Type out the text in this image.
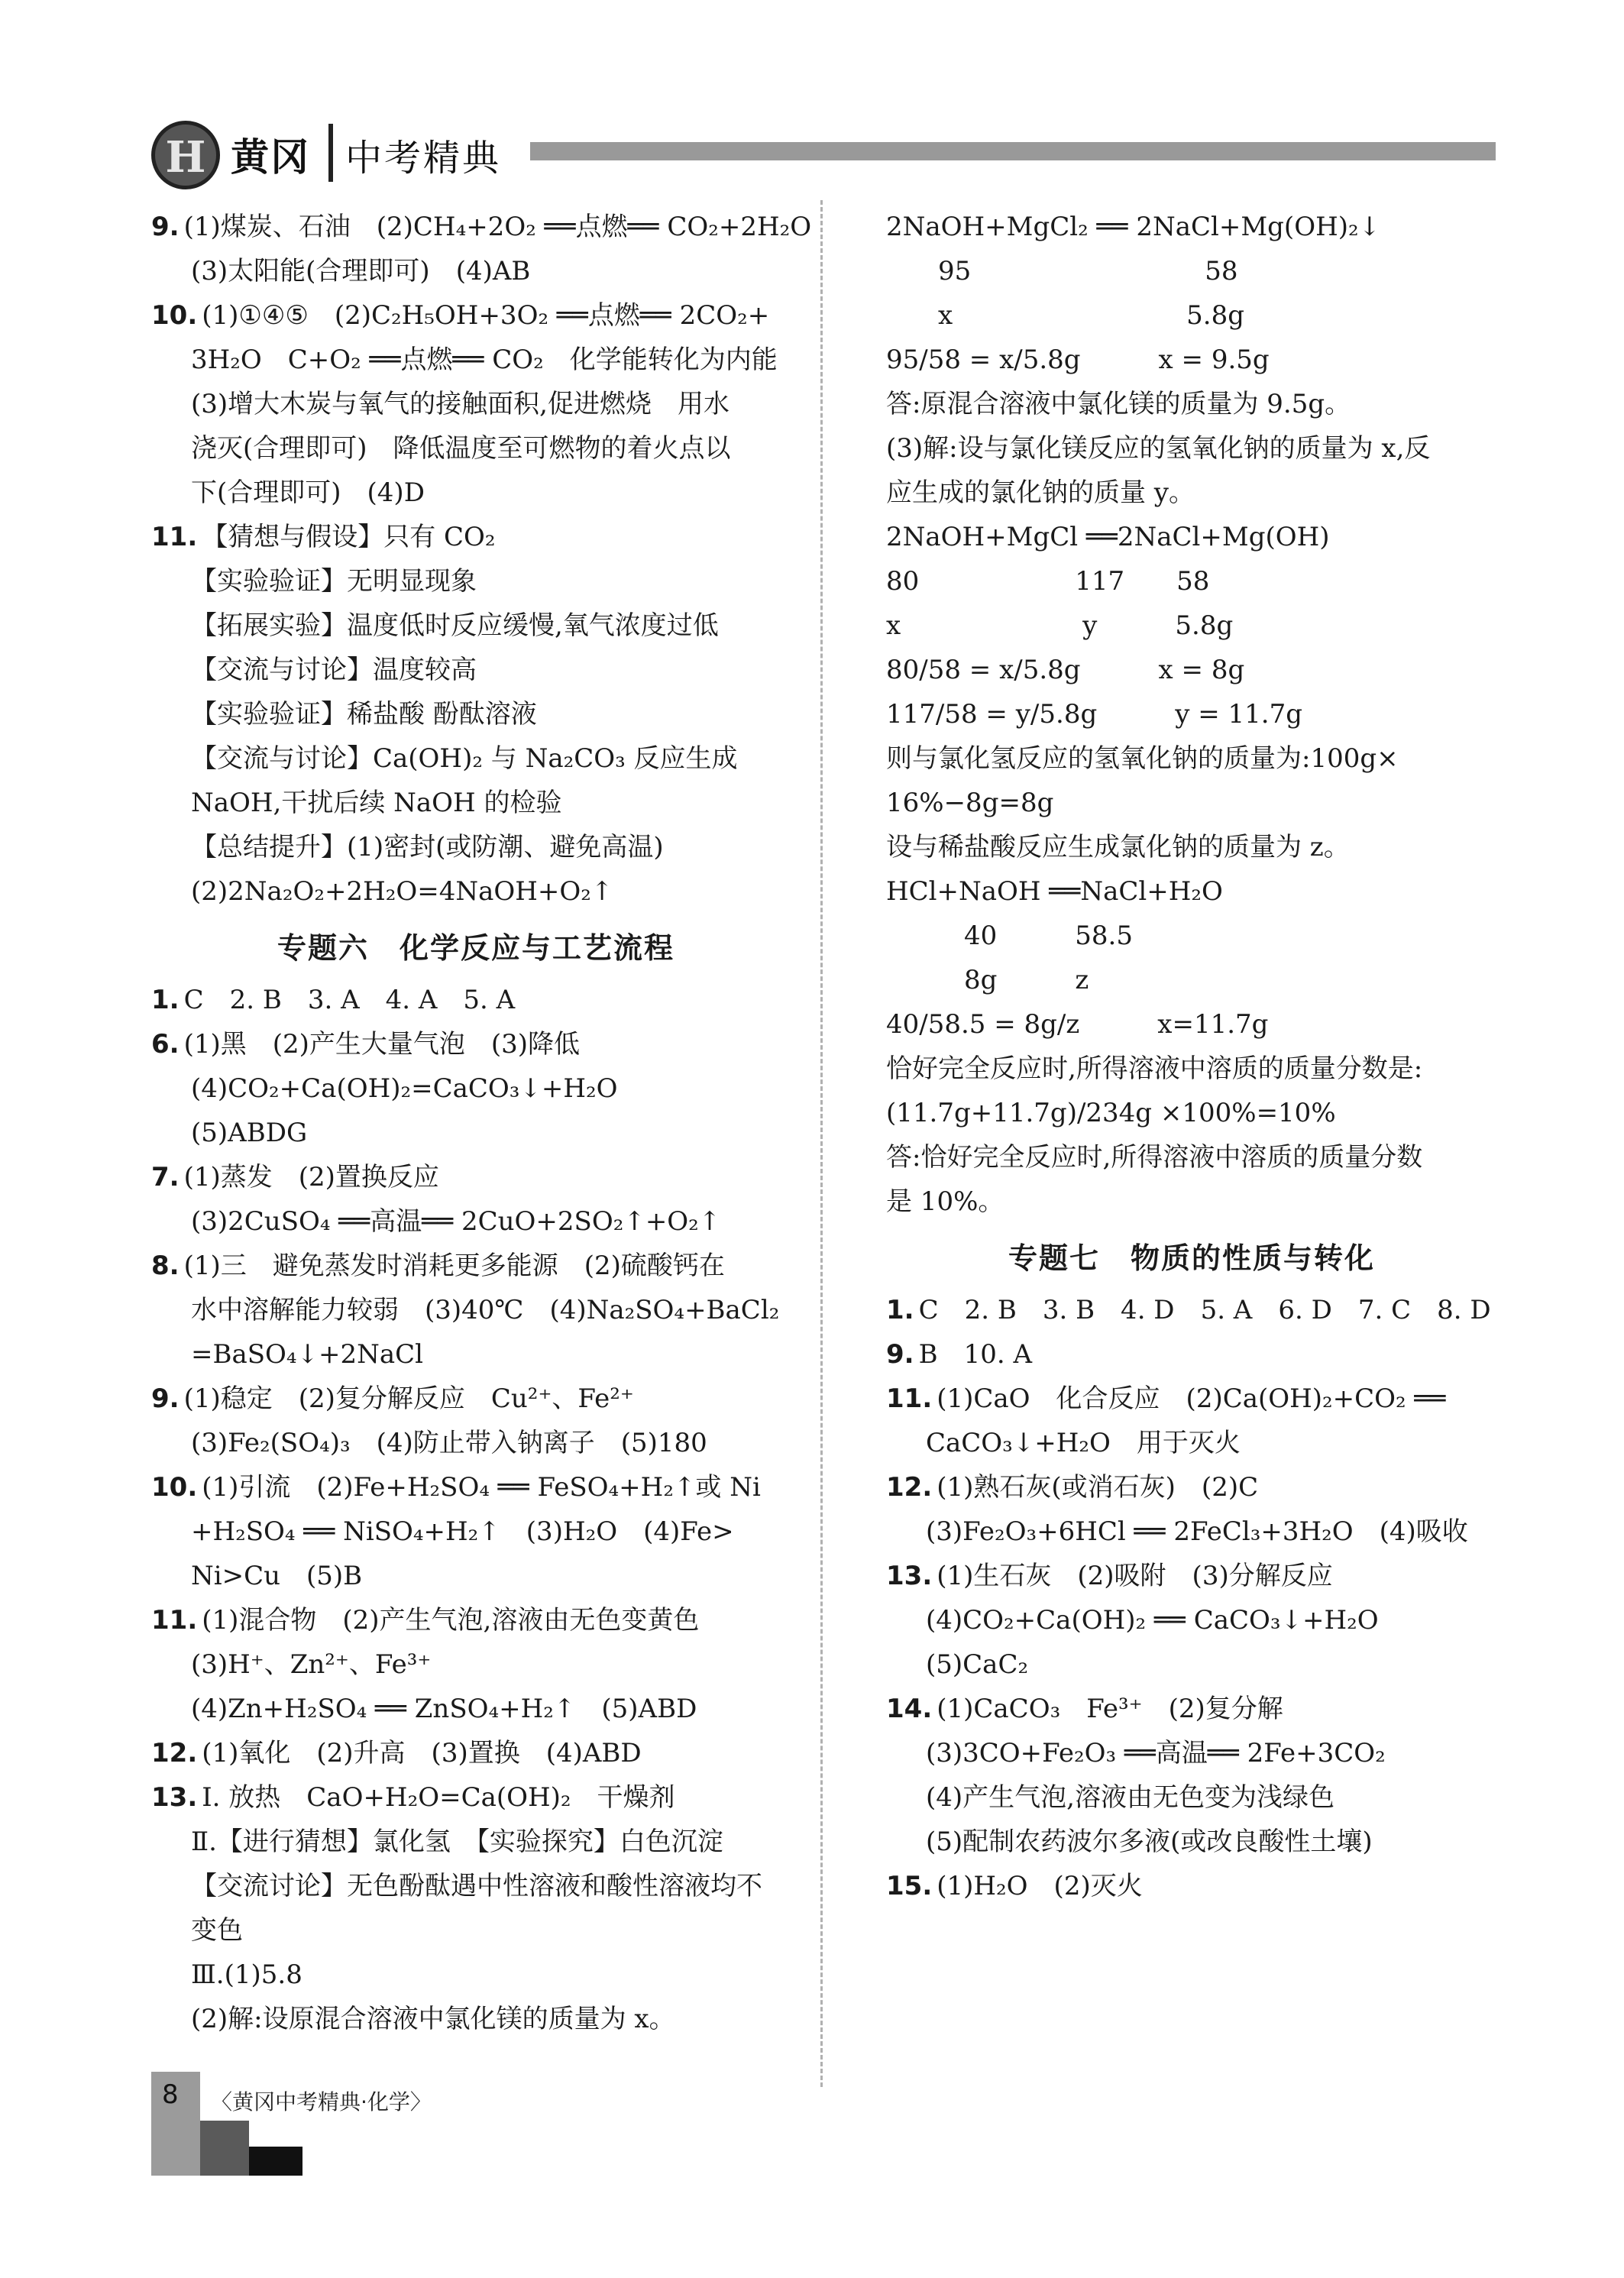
H 黄冈 中考精典
9. (1)煤炭、石油　(2)CH₄+2O₂ ══点燃══ CO₂+2H₂O
(3)太阳能(合理即可)　(4)AB
10. (1)①④⑤　(2)C₂H₅OH+3O₂ ══点燃══ 2CO₂+
3H₂O　C+O₂ ══点燃══ CO₂　化学能转化为内能
(3)增大木炭与氧气的接触面积,促进燃烧　用水
浇灭(合理即可)　降低温度至可燃物的着火点以
下(合理即可)　(4)D
11. 【猜想与假设】只有 CO₂
【实验验证】无明显现象
【拓展实验】温度低时反应缓慢,氧气浓度过低
【交流与讨论】温度较高
【实验验证】稀盐酸 酚酞溶液
【交流与讨论】Ca(OH)₂ 与 Na₂CO₃ 反应生成
NaOH,干扰后续 NaOH 的检验
【总结提升】(1)密封(或防潮、避免高温)
(2)2Na₂O₂+2H₂O=4NaOH+O₂↑
专题六　化学反应与工艺流程
1. C　2. B　3. A　4. A　5. A
6. (1)黑　(2)产生大量气泡　(3)降低
(4)CO₂+Ca(OH)₂=CaCO₃↓+H₂O
(5)ABDG
7. (1)蒸发　(2)置换反应
(3)2CuSO₄ ══高温══ 2CuO+2SO₂↑+O₂↑
8. (1)三　避免蒸发时消耗更多能源　(2)硫酸钙在
水中溶解能力较弱　(3)40℃　(4)Na₂SO₄+BaCl₂
=BaSO₄↓+2NaCl
9. (1)稳定　(2)复分解反应　Cu²⁺、Fe²⁺
(3)Fe₂(SO₄)₃　(4)防止带入钠离子　(5)180
10. (1)引流　(2)Fe+H₂SO₄ ══ FeSO₄+H₂↑或 Ni
+H₂SO₄ ══ NiSO₄+H₂↑　(3)H₂O　(4)Fe>
Ni>Cu　(5)B
11. (1)混合物　(2)产生气泡,溶液由无色变黄色
(3)H⁺、Zn²⁺、Fe³⁺
(4)Zn+H₂SO₄ ══ ZnSO₄+H₂↑　(5)ABD
12. (1)氧化　(2)升高　(3)置换　(4)ABD
13. Ⅰ. 放热　CaO+H₂O=Ca(OH)₂　干燥剂
Ⅱ.【进行猜想】氯化氢　【实验探究】白色沉淀
【交流讨论】无色酚酞遇中性溶液和酸性溶液均不
变色
Ⅲ.(1)5.8
(2)解:设原混合溶液中氯化镁的质量为 x。
2NaOH+MgCl₂ ══ 2NaCl+Mg(OH)₂↓
　　95　　　　　　　　　58
　　x　　　　　　　　　5.8g
95/58 = x/5.8g　　　x = 9.5g
答:原混合溶液中氯化镁的质量为 9.5g。
(3)解:设与氯化镁反应的氢氧化钠的质量为 x,反
应生成的氯化钠的质量 y。
2NaOH+MgCl ══2NaCl+Mg(OH)
80　　　　　　117　　58
x　　　　　　　y　　　5.8g
80/58 = x/5.8g　　　x = 8g
117/58 = y/5.8g　　　y = 11.7g
则与氯化氢反应的氢氧化钠的质量为:100g×
16%−8g=8g
设与稀盐酸反应生成氯化钠的质量为 z。
HCl+NaOH ══NaCl+H₂O
　　　40　　　58.5
　　　8g　　　z
40/58.5 = 8g/z　　　x=11.7g
恰好完全反应时,所得溶液中溶质的质量分数是:
(11.7g+11.7g)/234g ×100%=10%
答:恰好完全反应时,所得溶液中溶质的质量分数
是 10%。
专题七　物质的性质与转化
1. C　2. B　3. B　4. D　5. A　6. D　7. C　8. D
9. B　10. A
11. (1)CaO　化合反应　(2)Ca(OH)₂+CO₂ ══
CaCO₃↓+H₂O　用于灭火
12. (1)熟石灰(或消石灰)　(2)C
(3)Fe₂O₃+6HCl ══ 2FeCl₃+3H₂O　(4)吸收
13. (1)生石灰　(2)吸附　(3)分解反应
(4)CO₂+Ca(OH)₂ ══ CaCO₃↓+H₂O
(5)CaC₂
14. (1)CaCO₃　Fe³⁺　(2)复分解
(3)3CO+Fe₂O₃ ══高温══ 2Fe+3CO₂
(4)产生气泡,溶液由无色变为浅绿色
(5)配制农药波尔多液(或改良酸性土壤)
15. (1)H₂O　(2)灭火
8 〈黄冈中考精典·化学〉
